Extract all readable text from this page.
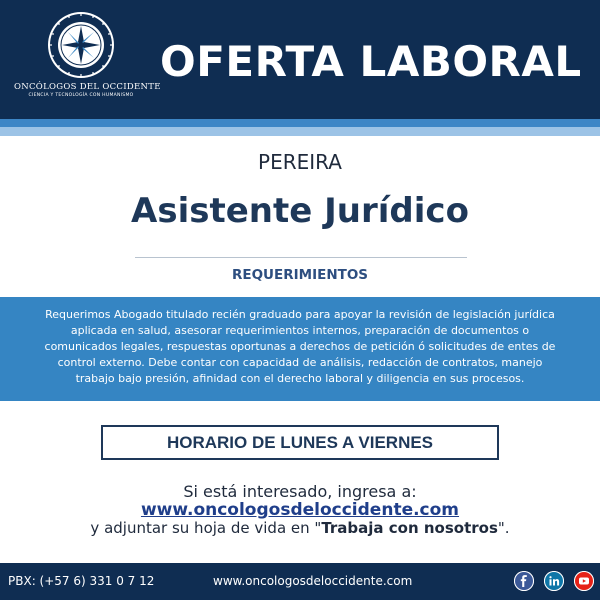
ONCÓLOGOS DEL OCCIDENTE
CIENCIA Y TECNOLOGÍA CON HUMANISMO
OFERTA LABORAL
PEREIRA
Asistente Jurídico
REQUERIMIENTOS
Requerimos Abogado titulado recién graduado para apoyar la revisión de legislación jurídica aplicada en salud, asesorar requerimientos internos, preparación de documentos o comunicados legales, respuestas oportunas a derechos de petición ó solicitudes de entes de control externo. Debe contar con capacidad de análisis, redacción de contratos, manejo trabajo bajo presión, afinidad con el derecho laboral y diligencia en sus procesos.
HORARIO DE LUNES A VIERNES
Si está interesado, ingresa a:
www.oncologosdeloccidente.com
y adjuntar su hoja de vida en "Trabaja con nosotros".
PBX: (+57 6) 331 0 7 12	www.oncologosdeloccidente.com
